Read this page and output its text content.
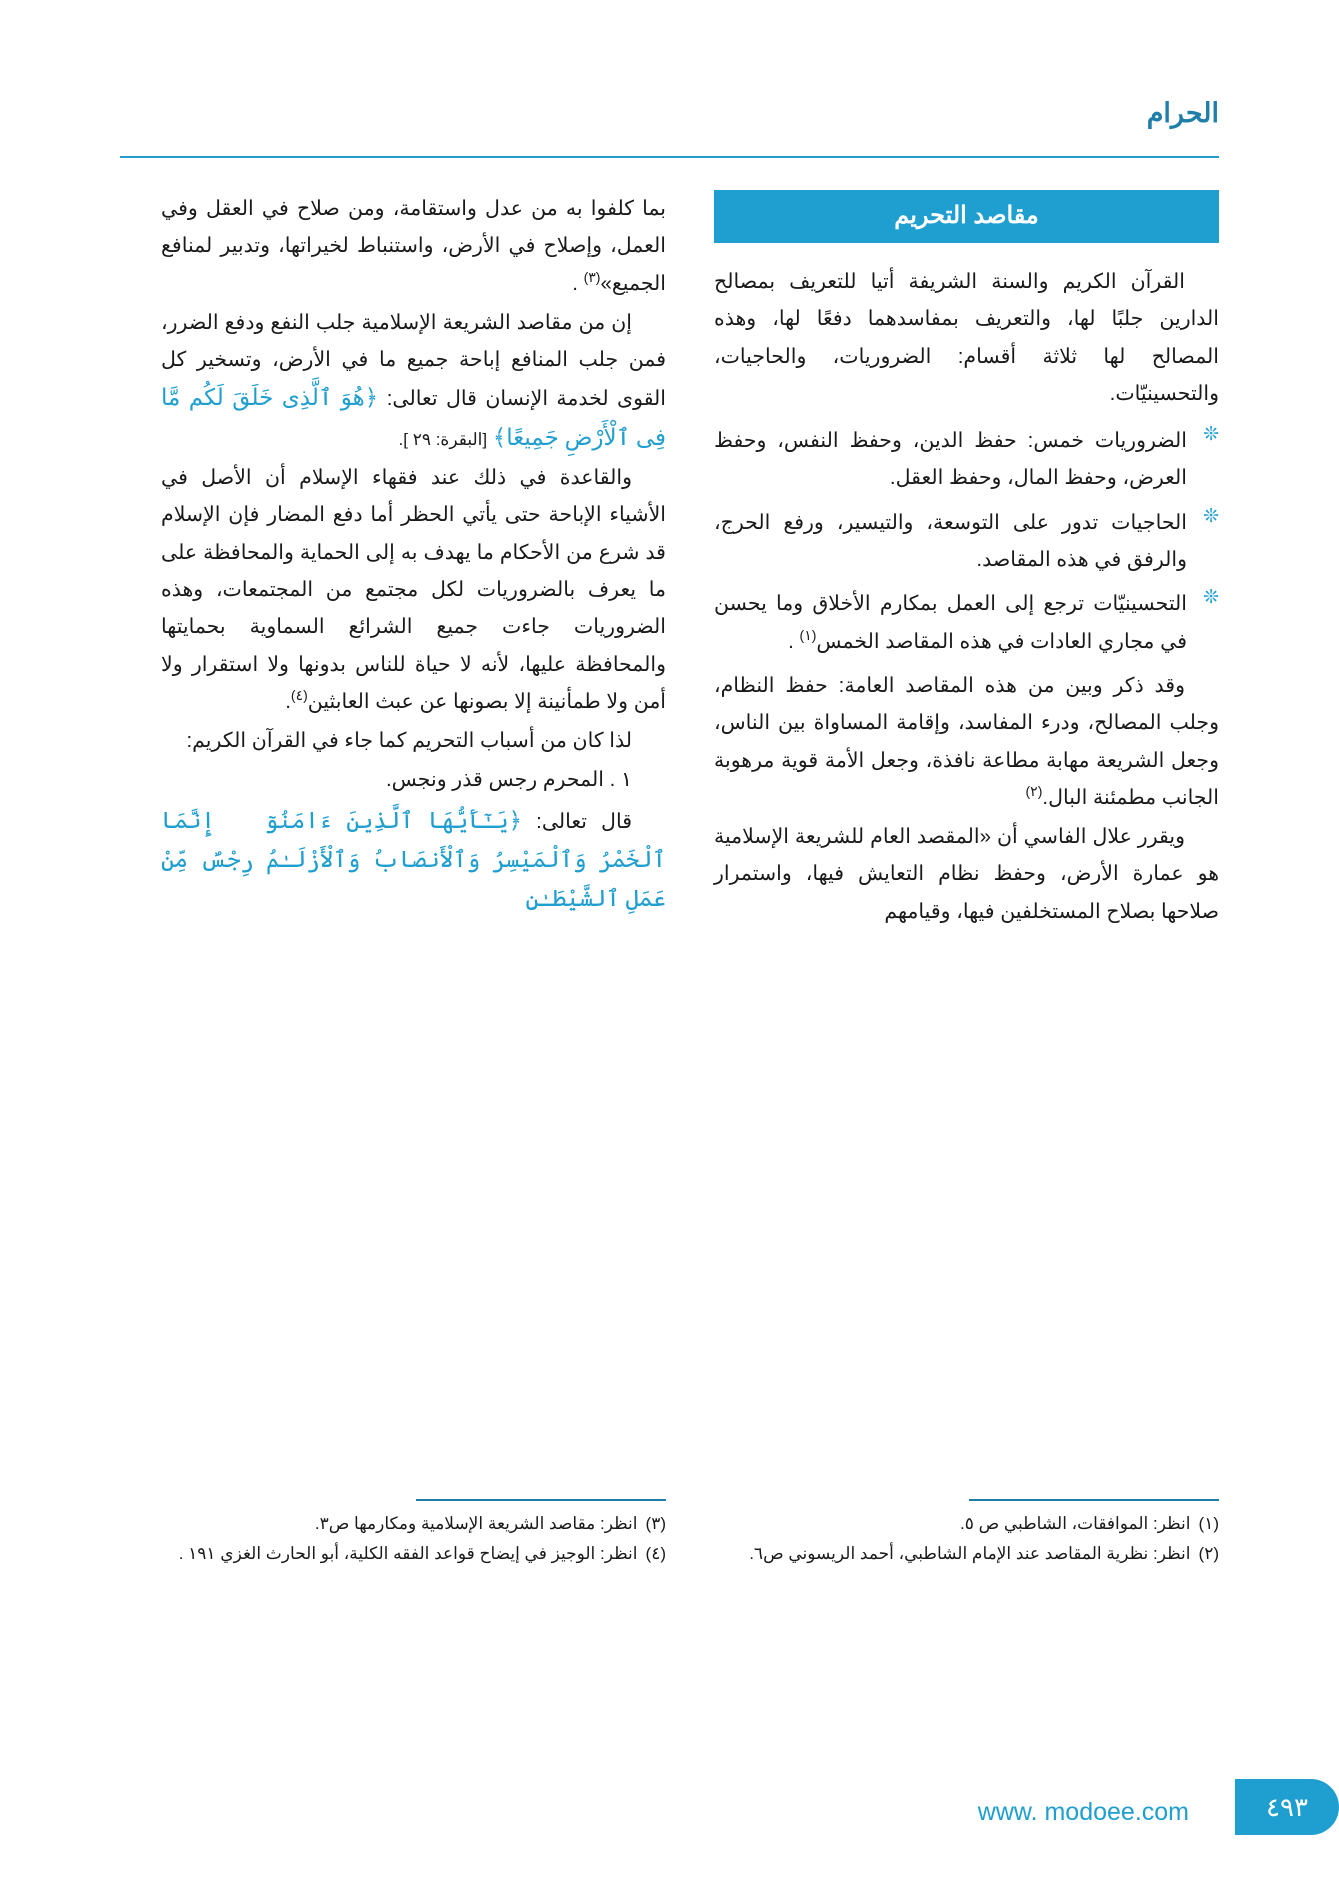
الحرام
مقاصد التحريم

القرآن الكريم والسنة الشريفة أتيا للتعريف بمصالح الدارين جلبًا لها، والتعريف بمفاسدهما دفعًا لها، وهذه المصالح لها ثلاثة أقسام: الضروريات، والحاجيات، والتحسينيّات.

❊
الضروريات خمس: حفظ الدين، وحفظ النفس، وحفظ العرض، وحفظ المال، وحفظ العقل.
❊
الحاجيات تدور على التوسعة، والتيسير، ورفع الحرج، والرفق في هذه المقاصد.
❊
التحسينيّات ترجع إلى العمل بمكارم الأخلاق وما يحسن في مجاري العادات في هذه المقاصد الخمس$^{(١)}$ .

وقد ذكر وبين من هذه المقاصد العامة: حفظ النظام، وجلب المصالح، ودرء المفاسد، وإقامة المساواة بين الناس، وجعل الشريعة مهابة مطاعة نافذة، وجعل الأمة قوية مرهوبة الجانب مطمئنة البال.$^{(٢)}$

ويقرر علال الفاسي أن «المقصد العام للشريعة الإسلامية هو عمارة الأرض، وحفظ نظام التعايش فيها، واستمرار صلاحها بصلاح المستخلفين فيها، وقيامهم

(١)
انظر: الموافقات، الشاطبي ص ٥.
(٢)
انظر: نظرية المقاصد عند الإمام الشاطبي، أحمد الريسوني ص٦.

بما كلفوا به من عدل واستقامة، ومن صلاح في العقل وفي العمل، وإصلاح في الأرض، واستنباط لخيراتها، وتدبير لمنافع الجميع»$^{(٣)}$ .

إن من مقاصد الشريعة الإسلامية جلب النفع ودفع الضرر، فمن جلب المنافع إباحة جميع ما في الأرض، وتسخير كل القوى لخدمة الإنسان قال تعالى: ﴿هُوَ ٱلَّذِى خَلَقَ لَكُم مَّا فِى ٱلْأَرْضِ جَمِيعًا﴾ [البقرة: ٢٩ ].

والقاعدة في ذلك عند فقهاء الإسلام أن الأصل في الأشياء الإباحة حتى يأتي الحظر أما دفع المضار فإن الإسلام قد شرع من الأحكام ما يهدف به إلى الحماية والمحافظة على ما يعرف بالضروريات لكل مجتمع من المجتمعات، وهذه الضروريات جاءت جميع الشرائع السماوية بحمايتها والمحافظة عليها، لأنه لا حياة للناس بدونها ولا استقرار ولا أمن ولا طمأنينة إلا بصونها عن عبث العابثين$^{(٤)}$.

لذا كان من أسباب التحريم كما جاء في القرآن الكريم:

١ . المحرم رجس قذر ونجس.

قال تعالى: ﴿يَـٰٓأَيُّهَا ٱلَّذِينَ ءَامَنُوٓا۟ إِنَّمَا ٱلْخَمْرُ وَٱلْمَيْسِرُ وَٱلْأَنصَابُ وَٱلْأَزْلَـٰمُ رِجْسٌ مِّنْ عَمَلِ ٱلشَّيْطَـٰنِ

(٣)
انظر: مقاصد الشريعة الإسلامية ومكارمها ص٣.
(٤)
انظر: الوجيز في إيضاح قواعد الفقه الكلية، أبو الحارث الغزي ١٩١ .
٤٩٣
www. modoee.com
